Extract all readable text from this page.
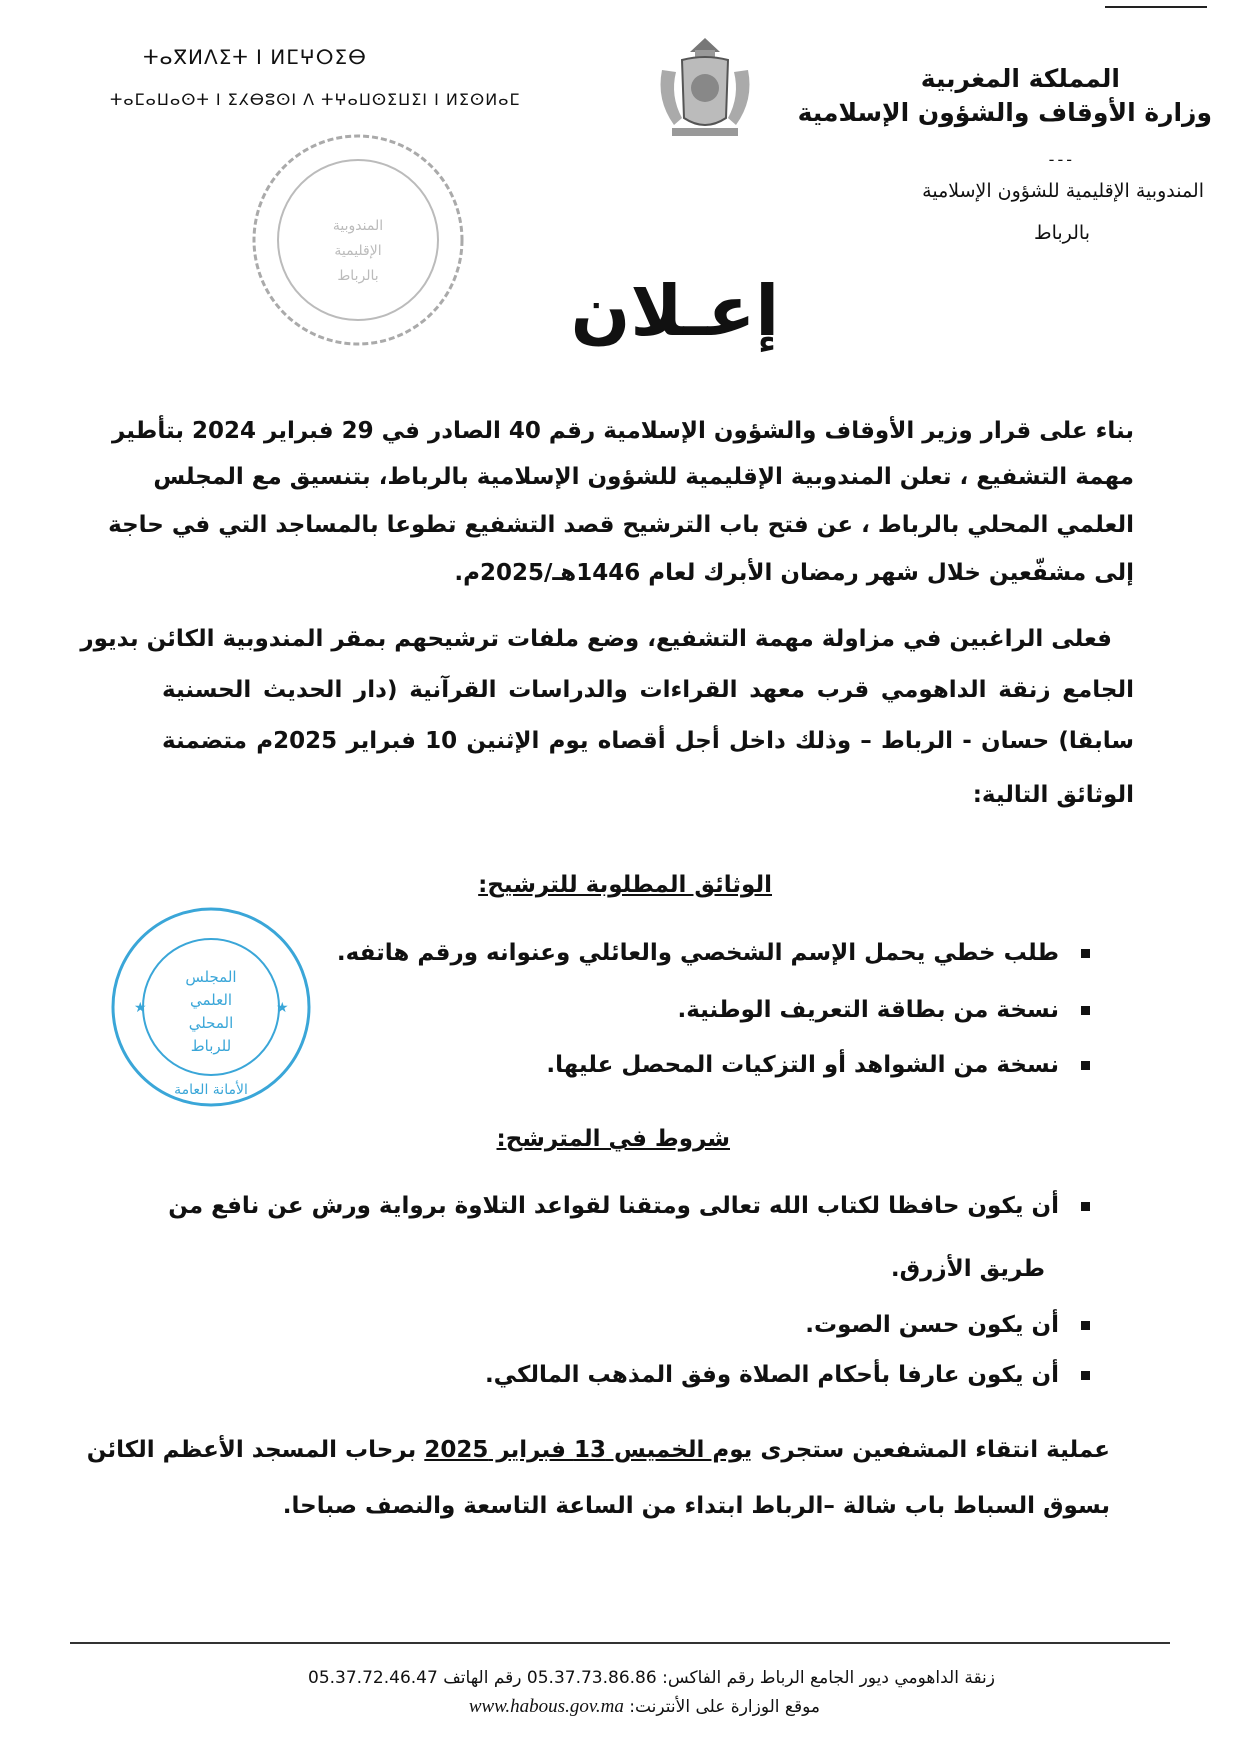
ⵜⴰⴳⵍⴷⵉⵜ ⵏ ⵍⵎⵖⵔⵉⴱ
ⵜⴰⵎⴰⵡⴰⵙⵜ ⵏ ⵉⵃⴱⵓⵙⵏ ⴷ ⵜⵖⴰⵡⵙⵉⵡⵉⵏ ⵏ ⵍⵉⵙⵍⴰⵎ
المملكة المغربية
وزارة الأوقاف والشؤون الإسلامية
---
المندوبية الإقليمية للشؤون الإسلامية
بالرباط
المندوبية
الإقليمية
بالرباط	إعـلان
بناء على قرار وزير الأوقاف والشؤون الإسلامية رقم 40 الصادر في 29 فبراير 2024 بتأطير
مهمة التشفيع ، تعلن المندوبية الإقليمية للشؤون الإسلامية بالرباط، بتنسيق مع المجلس
العلمي المحلي بالرباط ، عن فتح باب الترشيح قصد التشفيع تطوعا بالمساجد التي في حاجة
إلى مشفّعين خلال شهر رمضان الأبرك لعام 1446هـ/2025م.
فعلى الراغبين في مزاولة مهمة التشفيع، وضع ملفات ترشيحهم بمقر المندوبية الكائن بديور
الجامع زنقة الداهومي قرب معهد القراءات والدراسات القرآنية (دار الحديث الحسنية
سابقا) حسان - الرباط – وذلك داخل أجل أقصاه يوم الإثنين 10 فبراير 2025م متضمنة
الوثائق التالية:
الوثائق المطلوبة للترشيح:
طلب خطي يحمل الإسم الشخصي والعائلي وعنوانه ورقم هاتفه.
نسخة من بطاقة التعريف الوطنية.
نسخة من الشواهد أو التزكيات المحصل عليها.
المجلس
العلمي
المحلي
للرباط
الأمانة العامة
★	★
شروط في المترشح:
أن يكون حافظا لكتاب الله تعالى ومتقنا لقواعد التلاوة برواية ورش عن نافع من
طريق الأزرق.
أن يكون حسن الصوت.
أن يكون عارفا بأحكام الصلاة وفق المذهب المالكي.
عملية انتقاء المشفعين ستجرى يوم الخميس 13 فبراير 2025 برحاب المسجد الأعظم الكائن
بسوق السباط باب شالة –الرباط ابتداء من الساعة التاسعة والنصف صباحا.
زنقة الداهومي ديور الجامع الرباط رقم الفاكس: 05.37.73.86.86 رقم الهاتف 05.37.72.46.47
موقع الوزارة على الأنترنت: www.habous.gov.ma
